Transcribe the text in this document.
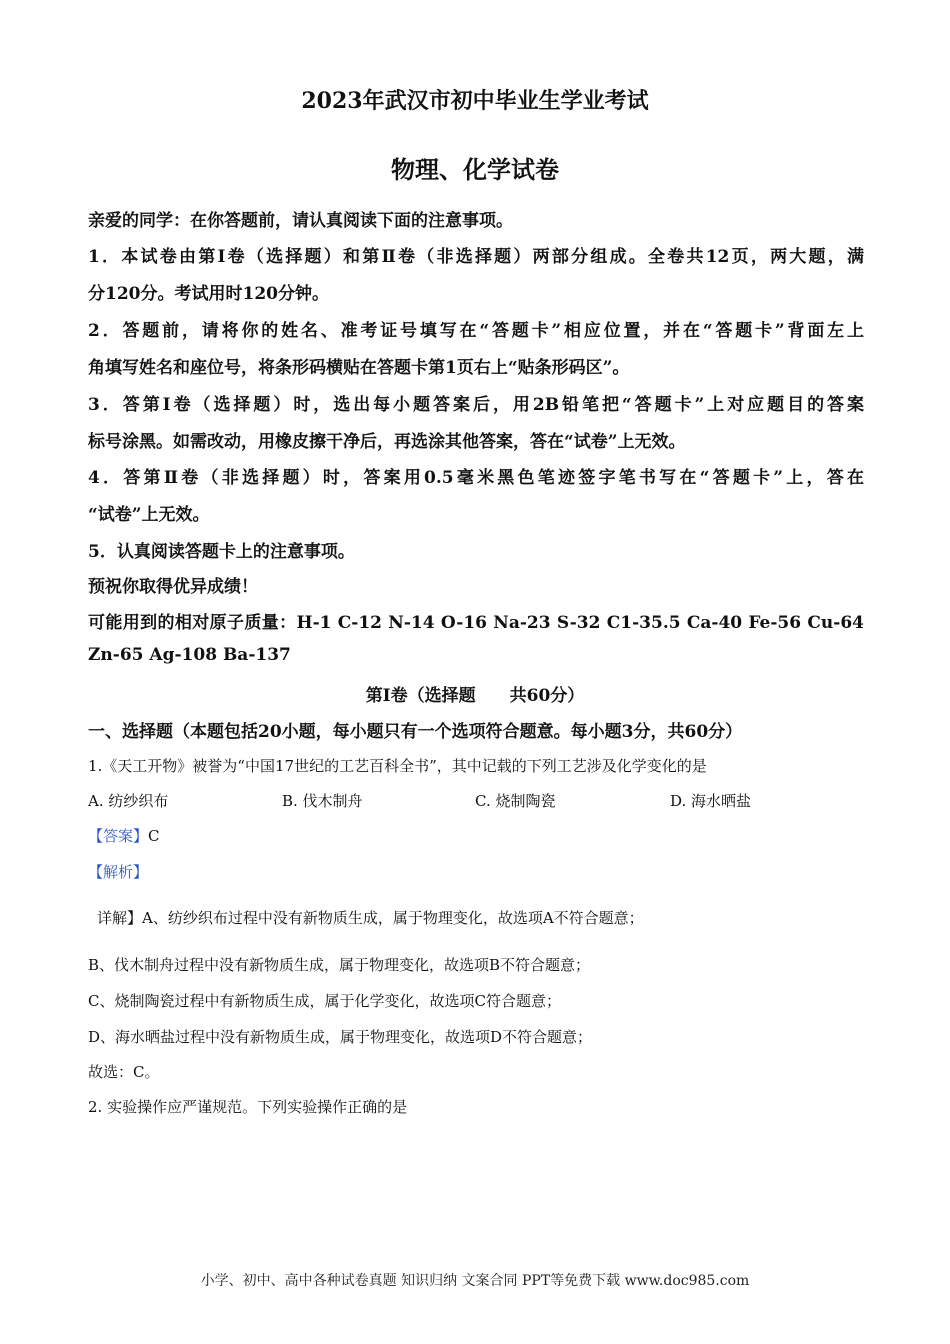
2023年武汉市初中毕业生学业考试
物理、化学试卷
亲爱的同学：在你答题前，请认真阅读下面的注意事项。
1．本试卷由第Ⅰ卷（选择题）和第Ⅱ卷（非选择题）两部分组成。全卷共12页，两大题，满
分120分。考试用时120分钟。
2．答题前，请将你的姓名、准考证号填写在“答题卡”相应位置，并在“答题卡”背面左上
角填写姓名和座位号，将条形码横贴在答题卡第1页右上“贴条形码区”。
3．答第Ⅰ卷（选择题）时，选出每小题答案后，用2B铅笔把“答题卡”上对应题目的答案
标号涂黑。如需改动，用橡皮擦干净后，再选涂其他答案，答在“试卷”上无效。
4．答第Ⅱ卷（非选择题）时，答案用0.5毫米黑色笔迹签字笔书写在“答题卡”上，答在
“试卷”上无效。
5．认真阅读答题卡上的注意事项。
预祝你取得优异成绩！
可能用到的相对原子质量：H-1 C-12 N-14 O-16 Na-23 S-32 C1-35.5 Ca-40 Fe-56 Cu-64
Zn-65 Ag-108 Ba-137
第Ⅰ卷（选择题　　共60分）
一、选择题（本题包括20小题，每小题只有一个选项符合题意。每小题3分，共60分）
1.《天工开物》被誉为“中国17世纪的工艺百科全书”，其中记载的下列工艺涉及化学变化的是
A. 纺纱织布	B. 伐木制舟	C. 烧制陶瓷	D. 海水晒盐
【答案】C
【解析】
详解】A、纺纱织布过程中没有新物质生成，属于物理变化，故选项A不符合题意；
B、伐木制舟过程中没有新物质生成，属于物理变化，故选项B不符合题意；
C、烧制陶瓷过程中有新物质生成，属于化学变化，故选项C符合题意；
D、海水晒盐过程中没有新物质生成，属于物理变化，故选项D不符合题意；
故选：C。
2. 实验操作应严谨规范。下列实验操作正确的是
小学、初中、高中各种试卷真题 知识归纳 文案合同 PPT等免费下载 www.doc985.com
